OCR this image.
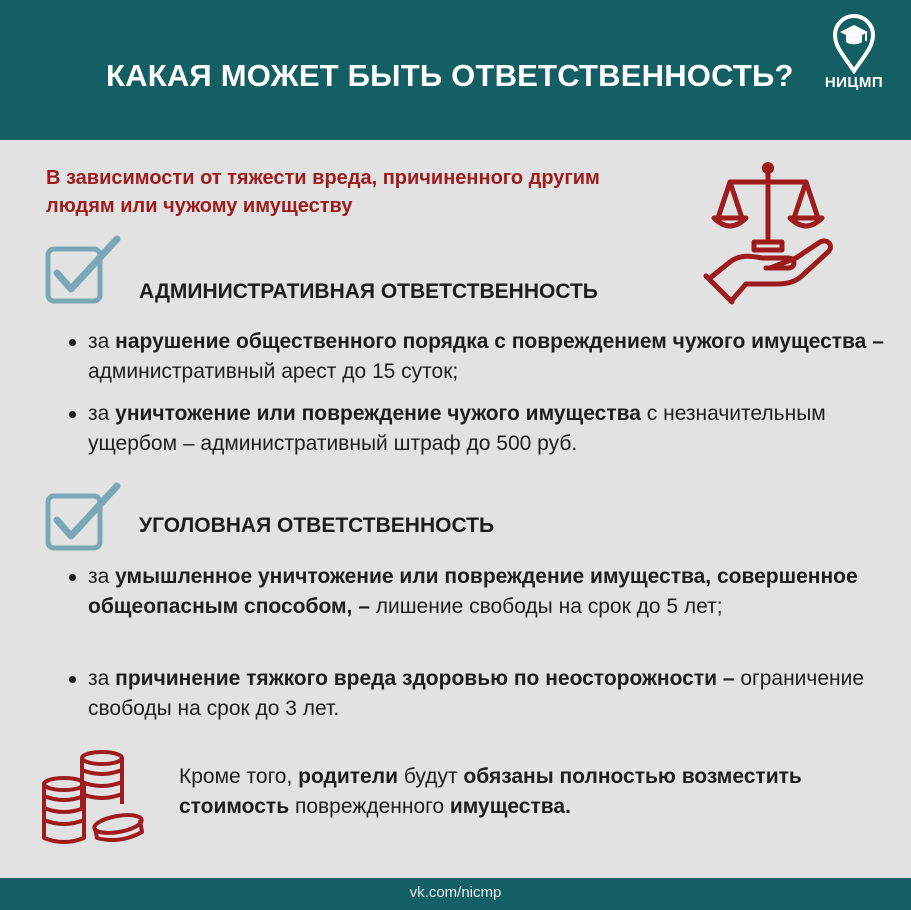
КАКАЯ МОЖЕТ БЫТЬ ОТВЕТСТВЕННОСТЬ?	НИЦМП
В зависимости от тяжести вреда, причиненного другим людям или чужому имуществу
АДМИНИСТРАТИВНАЯ ОТВЕТСТВЕННОСТЬ
за нарушение общественного порядка с повреждением чужого имущества – административный арест до 15 суток;
за уничтожение или повреждение чужого имущества с незначительным ущербом – административный штраф до 500 руб.
УГОЛОВНАЯ ОТВЕТСТВЕННОСТЬ
за умышленное уничтожение или повреждение имущества, совершенное общеопасным способом, – лишение свободы на срок до 5 лет;
за причинение тяжкого вреда здоровью по неосторожности – ограничение свободы на срок до 3 лет.
Кроме того, родители будут обязаны полностью возместить стоимость поврежденного имущества.
vk.com/nicmp
